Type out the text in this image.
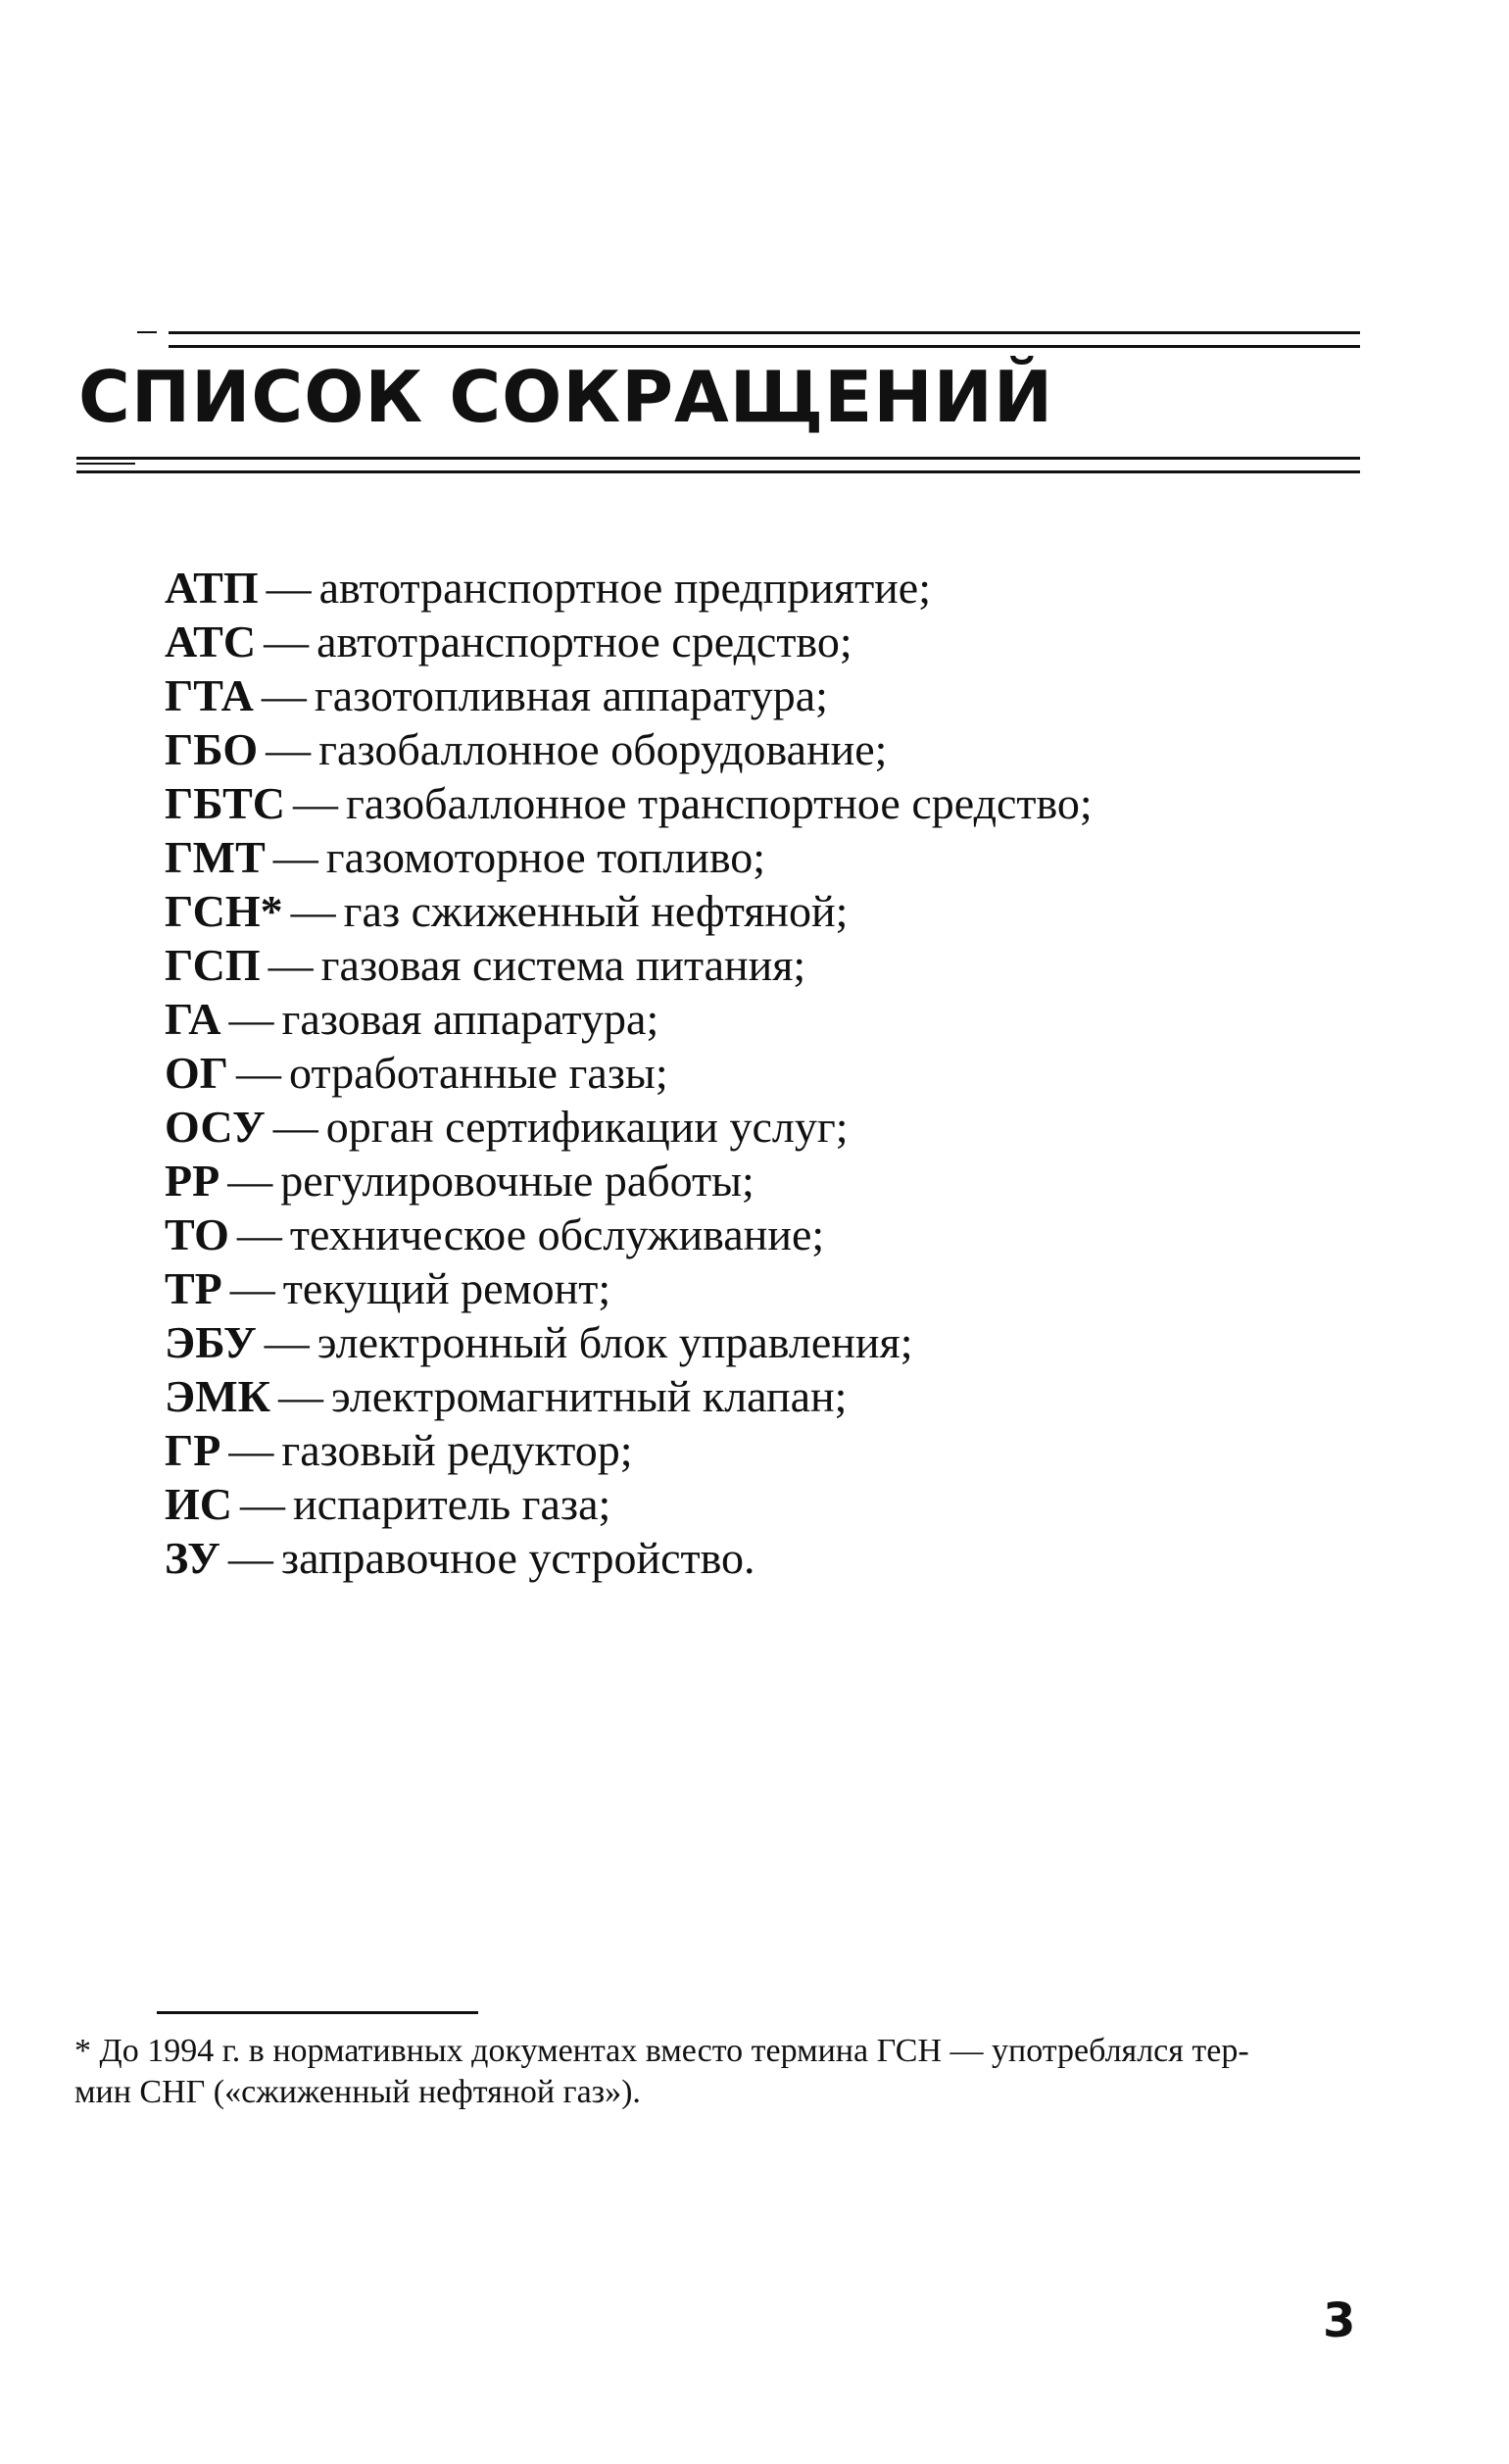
СПИСОК СОКРАЩЕНИЙ
АТП — автотранспортное предприятие;
АТС — автотранспортное средство;
ГТА — газотопливная аппаратура;
ГБО — газобаллонное оборудование;
ГБТС — газобаллонное транспортное средство;
ГМТ — газомоторное топливо;
ГСН* — газ сжиженный нефтяной;
ГСП — газовая система питания;
ГА — газовая аппаратура;
ОГ — отработанные газы;
ОСУ — орган сертификации услуг;
РР — регулировочные работы;
ТО — техническое обслуживание;
ТР — текущий ремонт;
ЭБУ — электронный блок управления;
ЭМК — электромагнитный клапан;
ГР — газовый редуктор;
ИС — испаритель газа;
ЗУ — заправочное устройство.

* До 1994 г. в нормативных документах вместо термина ГСН — употреблялся тер-
мин СНГ («сжиженный нефтяной газ»).

3
